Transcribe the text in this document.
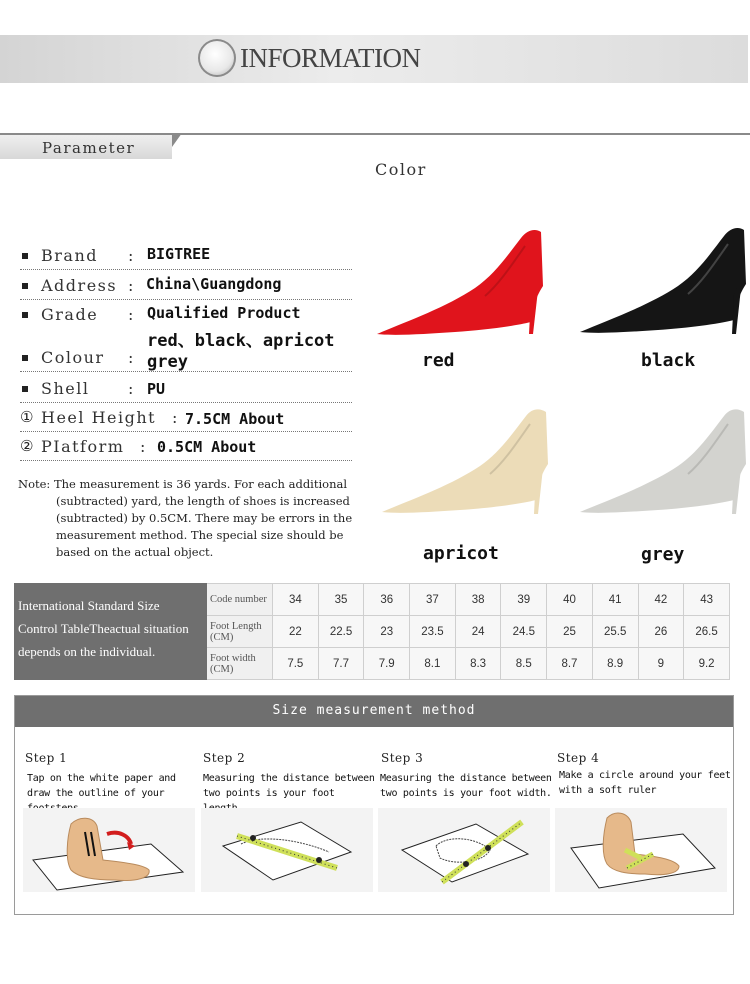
INFORMATION
Parameter
Color
Brand : BIGTREE
Address : China\Guangdong
Grade : Qualified Product
Colour :
red、black、apricot
grey
Shell : PU
① Heel Height : 7.5CM About
② PIatform : 0.5CM About
Note: The measurement is 36 yards. For each additional
(subtracted) yard, the length of shoes is increased
(subtracted) by 0.5CM. There may be errors in the
measurement method. The special size should be
based on the actual object.
red	black
apricot	grey
International Standard Size
Control TableTheactual situation
depends on the individual.	Code number	34	35	36	37	38	39	40	41	42	43
	Foot Length (CM)	22	22.5	23	23.5	24	24.5	25	25.5	26	26.5
	Foot width (CM)	7.5	7.7	7.9	8.1	8.3	8.5	8.7	8.9	9	9.2
Size measurement method
Step 1
Tap on the white paper and draw the outline of your
Step 2
Measuring the distance between two points is your foot
Step 3
Measuring the distance between two points is your foot width.
Step 4
Make a circle around your feet with a soft ruler
